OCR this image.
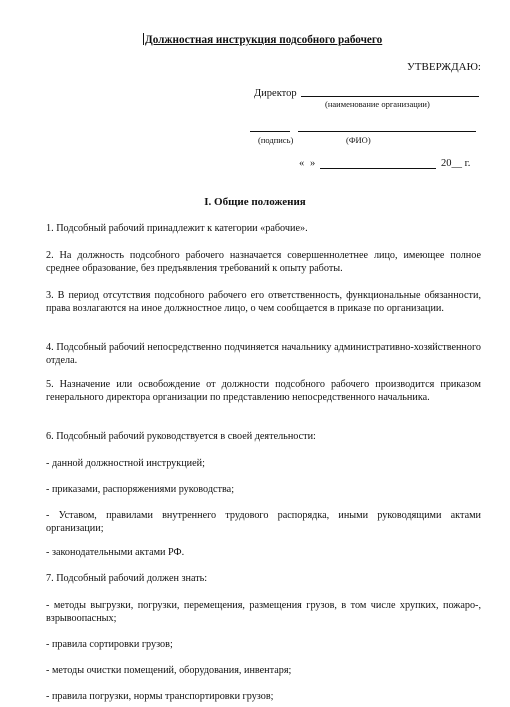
Должностная инструкция подсобного рабочего
УТВЕРЖДАЮ:
Директор
(наименование организации)
(подпись)	(ФИО)
« »	20__ г.
I. Общие положения
1. Подсобный рабочий принадлежит к категории «рабочие».
2. На должность подсобного рабочего назначается совершеннолетнее лицо, имеющее полное среднее образование, без предъявления требований к опыту работы.
3. В период отсутствия подсобного рабочего его ответственность, функциональные обязанности, права возлагаются на иное должностное лицо, о чем сообщается в приказе по организации.
4. Подсобный рабочий непосредственно подчиняется начальнику административно-хозяйственного отдела.
5. Назначение или освобождение от должности подсобного рабочего производится приказом генерального директора организации по представлению непосредственного начальника.
6. Подсобный рабочий руководствуется в своей деятельности:
- данной должностной инструкцией;
- приказами, распоряжениями руководства;
- Уставом, правилами внутреннего трудового распорядка, иными руководящими актами организации;
- законодательными актами РФ.
7. Подсобный рабочий должен знать:
- методы выгрузки, погрузки, перемещения, размещения грузов, в том числе хрупких, пожаро-, взрывоопасных;
- правила сортировки грузов;
- методы очистки помещений, оборудования, инвентаря;
- правила погрузки, нормы транспортировки грузов;
